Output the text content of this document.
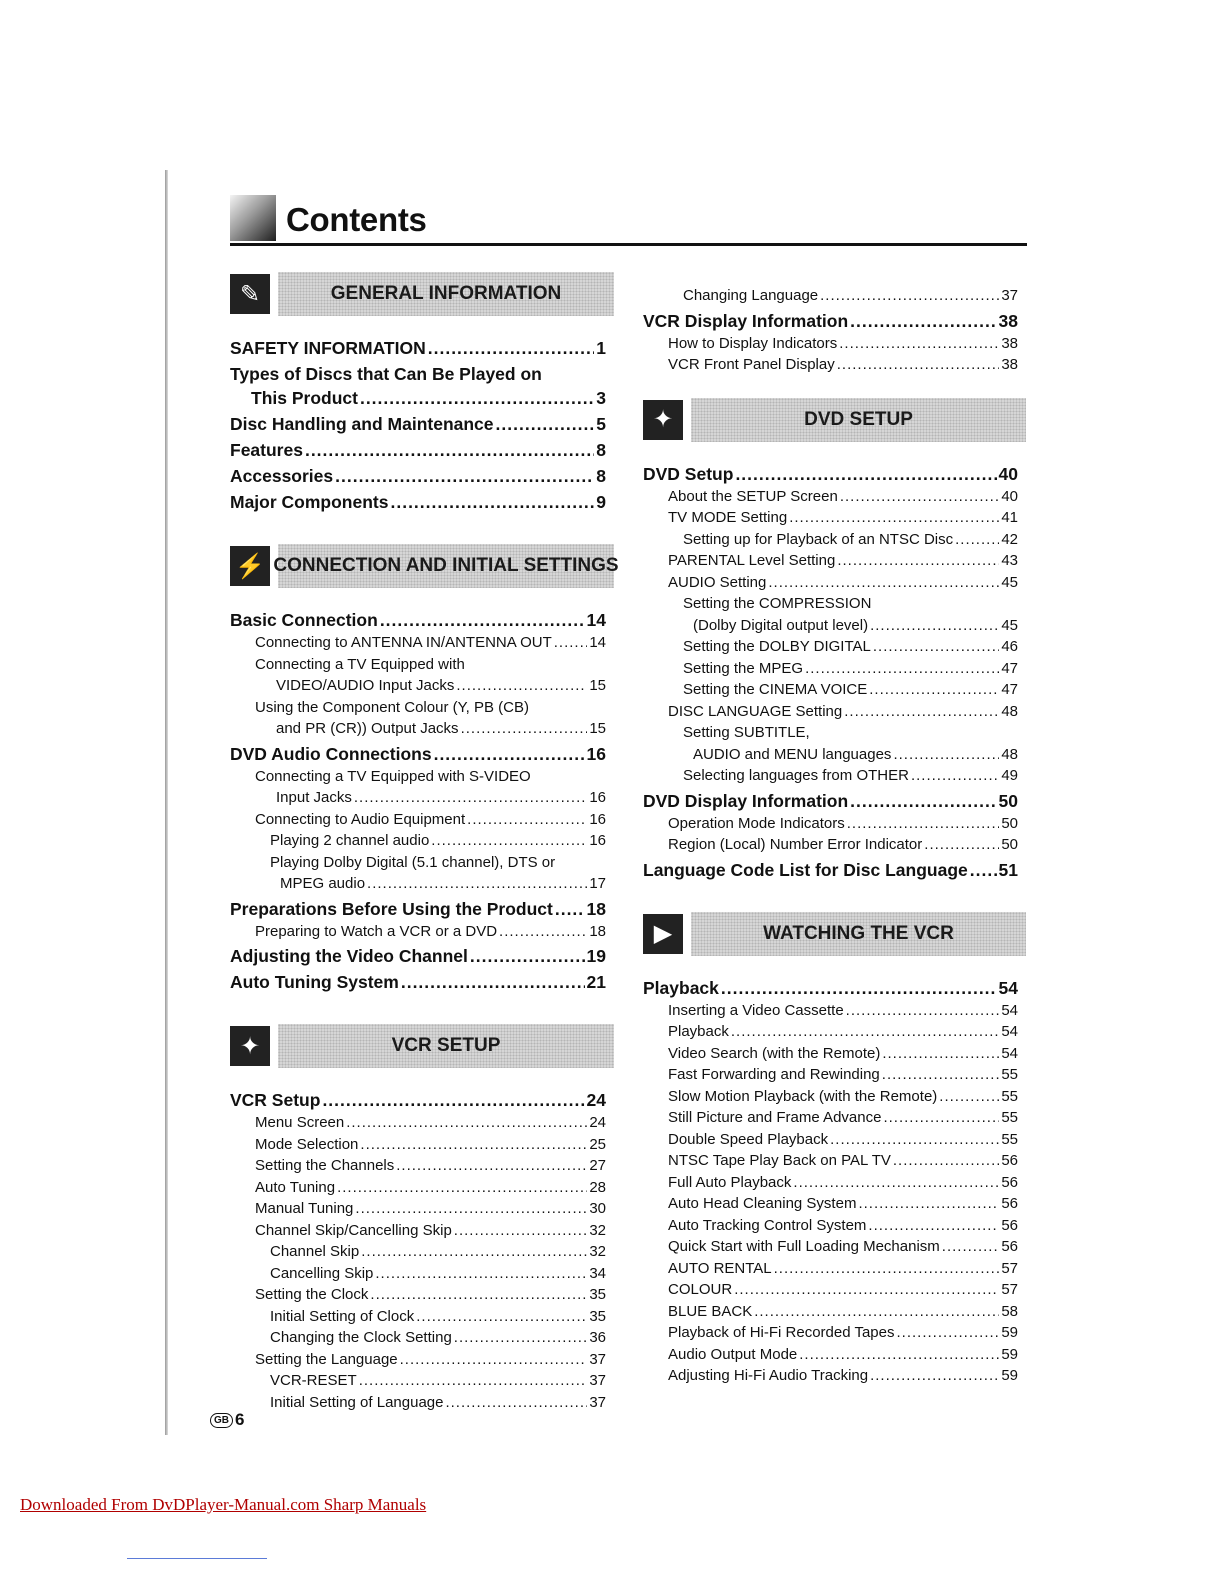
Contents
✎	GENERAL INFORMATION
SAFETY INFORMATION .....	1
Types of Discs that Can Be Played on
This Product .....	3
Disc Handling and Maintenance .....	5
Features .....	8
Accessories .....	8
Major Components .....	9
⚡ CONNECTION AND INITIAL SETTINGS
Basic Connection .....	14
Connecting to ANTENNA IN/ANTENNA OUT .....	14
Connecting a TV Equipped with
VIDEO/AUDIO Input Jacks .....	15
Using the Component Colour (Y, PB (CB)
and PR (CR)) Output Jacks .....	15
DVD Audio Connections .....	16
Connecting a TV Equipped with S-VIDEO
Input Jacks .....	16
Connecting to Audio Equipment .....	16
Playing 2 channel audio .....	16
Playing Dolby Digital (5.1 channel), DTS or
MPEG audio .....	17
Preparations Before Using the Product ..... 18
Preparing to Watch a VCR or a DVD .....	18
Adjusting the Video Channel .....	19
Auto Tuning System .....	21
✦	VCR SETUP
VCR Setup .....	24
Menu Screen .....	24
Mode Selection .....	25
Setting the Channels .....	27
Auto Tuning .....	28
Manual Tuning .....	30
Channel Skip/Cancelling Skip .....	32
Channel Skip .....	32
Cancelling Skip .....	34
Setting the Clock .....	35
Initial Setting of Clock .....	35
Changing the Clock Setting .....	36
Setting the Language .....	37
VCR-RESET .....	37
Initial Setting of Language .....	37
Changing Language .....	37
VCR Display Information .....	38
How to Display Indicators .....	38
VCR Front Panel Display .....	38
✦	DVD SETUP
DVD Setup .....	40
About the SETUP Screen .....	40
TV MODE Setting .....	41
Setting up for Playback of an NTSC Disc .....	42
PARENTAL Level Setting .....	43
AUDIO Setting .....	45
Setting the COMPRESSION
(Dolby Digital output level) .....	45
Setting the DOLBY DIGITAL .....	46
Setting the MPEG .....	47
Setting the CINEMA VOICE .....	47
DISC LANGUAGE Setting .....	48
Setting SUBTITLE,
AUDIO and MENU languages .....	48
Selecting languages from OTHER .....	49
DVD Display Information .....	50
Operation Mode Indicators .....	50
Region (Local) Number Error Indicator .....	50
Language Code List for Disc Language ..... 51
▶	WATCHING THE VCR
Playback .....	54
Inserting a Video Cassette .....	54
Playback .....	54
Video Search (with the Remote) .....	54
Fast Forwarding and Rewinding .....	55
Slow Motion Playback (with the Remote) .....	55
Still Picture and Frame Advance .....	55
Double Speed Playback .....	55
NTSC Tape Play Back on PAL TV .....	56
Full Auto Playback .....	56
Auto Head Cleaning System .....	56
Auto Tracking Control System .....	56
Quick Start with Full Loading Mechanism .....	56
AUTO RENTAL .....	57
COLOUR .....	57
BLUE BACK .....	58
Playback of Hi-Fi Recorded Tapes .....	59
Audio Output Mode .....	59
Adjusting Hi-Fi Audio Tracking .....	59
GB 6
Downloaded From DvDPlayer-Manual.com Sharp Manuals
